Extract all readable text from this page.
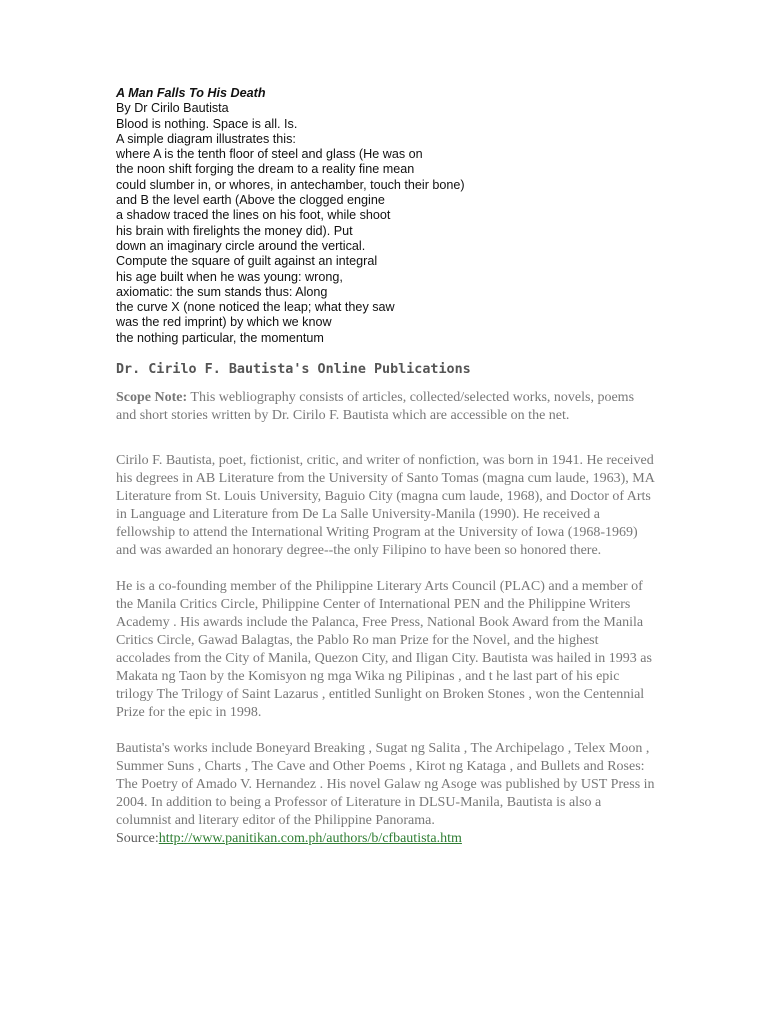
A Man Falls To His Death
By Dr Cirilo Bautista
Blood is nothing. Space is all. Is.
A simple diagram illustrates this:
where A is the tenth floor of steel and glass (He was on
the noon shift forging the dream to a reality fine mean
could slumber in, or whores, in antechamber, touch their bone)
and B the level earth (Above the clogged engine
a shadow traced the lines on his foot, while shoot
his brain with firelights the money did). Put
down an imaginary circle around the vertical.
Compute the square of guilt against an integral
his age built when he was young: wrong,
axiomatic: the sum stands thus: Along
the curve X (none noticed the leap; what they saw
was the red imprint) by which we know
the nothing particular, the momentum
Dr. Cirilo F. Bautista's Online Publications

Scope Note: This webliography consists of articles, collected/selected works, novels, poems and short stories written by Dr. Cirilo F. Bautista which are accessible on the net.

Cirilo F. Bautista, poet, fictionist, critic, and writer of nonfiction, was born in 1941. He received his degrees in AB Literature from the University of Santo Tomas (magna cum laude, 1963), MA Literature from St. Louis University, Baguio City (magna cum laude, 1968), and Doctor of Arts in Language and Literature from De La Salle University-Manila (1990). He received a fellowship to attend the International Writing Program at the University of Iowa (1968-1969) and was awarded an honorary degree--the only Filipino to have been so honored there.

He is a co-founding member of the Philippine Literary Arts Council (PLAC) and a member of the Manila Critics Circle, Philippine Center of International PEN and the Philippine Writers Academy . His awards include the Palanca, Free Press, National Book Award from the Manila Critics Circle, Gawad Balagtas, the Pablo Ro man Prize for the Novel, and the highest accolades from the City of Manila, Quezon City, and Iligan City. Bautista was hailed in 1993 as Makata ng Taon by the Komisyon ng mga Wika ng Pilipinas , and t he last part of his epic trilogy The Trilogy of Saint Lazarus , entitled Sunlight on Broken Stones , won the Centennial Prize for the epic in 1998.

Bautista's works include Boneyard Breaking , Sugat ng Salita , The Archipelago , Telex Moon , Summer Suns , Charts , The Cave and Other Poems , Kirot ng Kataga , and Bullets and Roses: The Poetry of Amado V. Hernandez . His novel Galaw ng Asoge was published by UST Press in 2004. In addition to being a Professor of Literature in DLSU-Manila, Bautista is also a columnist and literary editor of the Philippine Panorama.

Source:http://www.panitikan.com.ph/authors/b/cfbautista.htm
